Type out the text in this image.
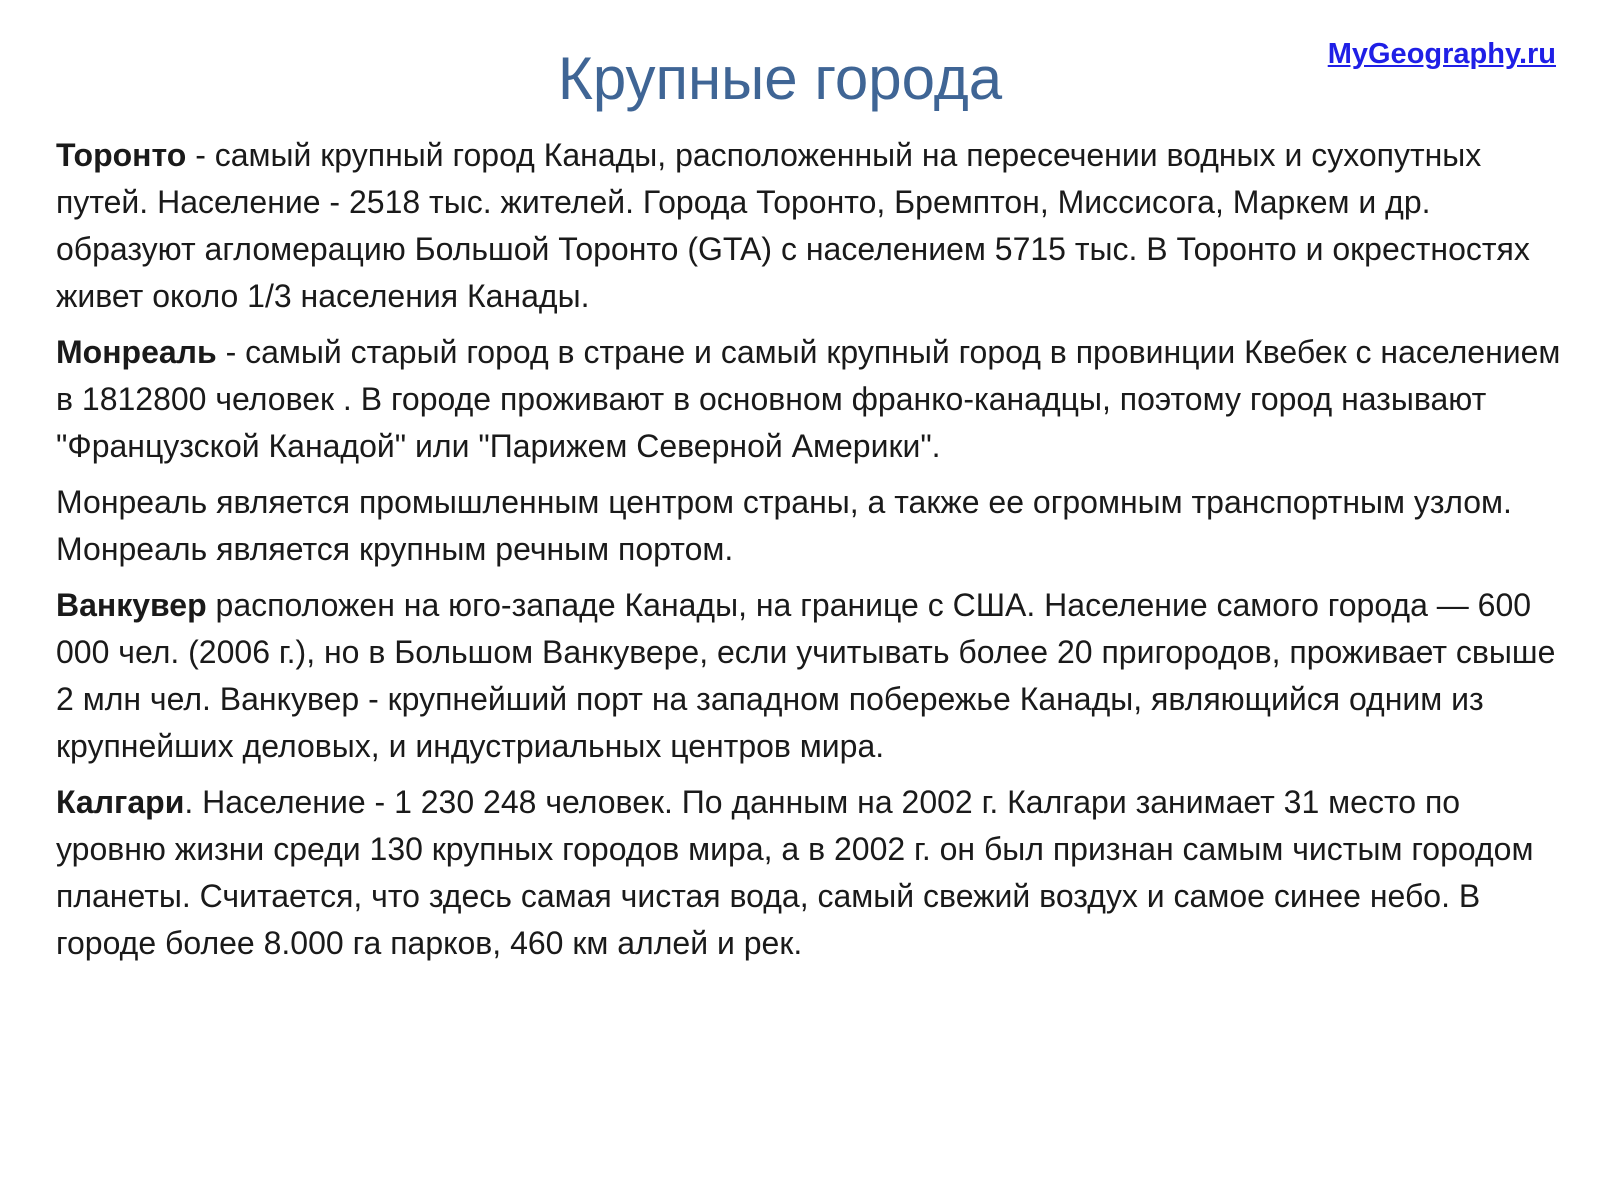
Крупные города	MyGeography.ru

Торонто - самый крупный город Канады, расположенный на пересечении водных и сухопутных путей. Население - 2518 тыс. жителей. Города Торонто, Бремптон, Миссисога, Маркем и др. образуют агломерацию Большой Торонто (GTA) с населением 5715 тыс. В Торонто и окрестностях живет около 1/3 населения Канады.

Монреаль - самый старый город в стране и самый крупный город в провинции Квебек с населением в 1812800 человек . В городе проживают в основном франко-канадцы, поэтому город называют "Французской Канадой" или "Парижем Северной Америки".

Монреаль является промышленным центром страны, а также ее огромным транспортным узлом. Монреаль является крупным речным портом.

Ванкувер расположен на юго-западе Канады, на границе с США. Население самого города — 600 000 чел. (2006 г.), но в Большом Ванкувере, если учитывать более 20 пригородов, проживает свыше 2 млн чел. Ванкувер - крупнейший порт на западном побережье Канады, являющийся одним из крупнейших деловых, и индустриальных центров мира.

Калгари. Население - 1 230 248 человек. По данным на 2002 г. Калгари занимает 31 место по уровню жизни среди 130 крупных городов мира, а в 2002 г. он был признан самым чистым городом планеты. Считается, что здесь самая чистая вода, самый свежий воздух и самое синее небо. В городе более 8.000 га парков, 460 км аллей и рек.
